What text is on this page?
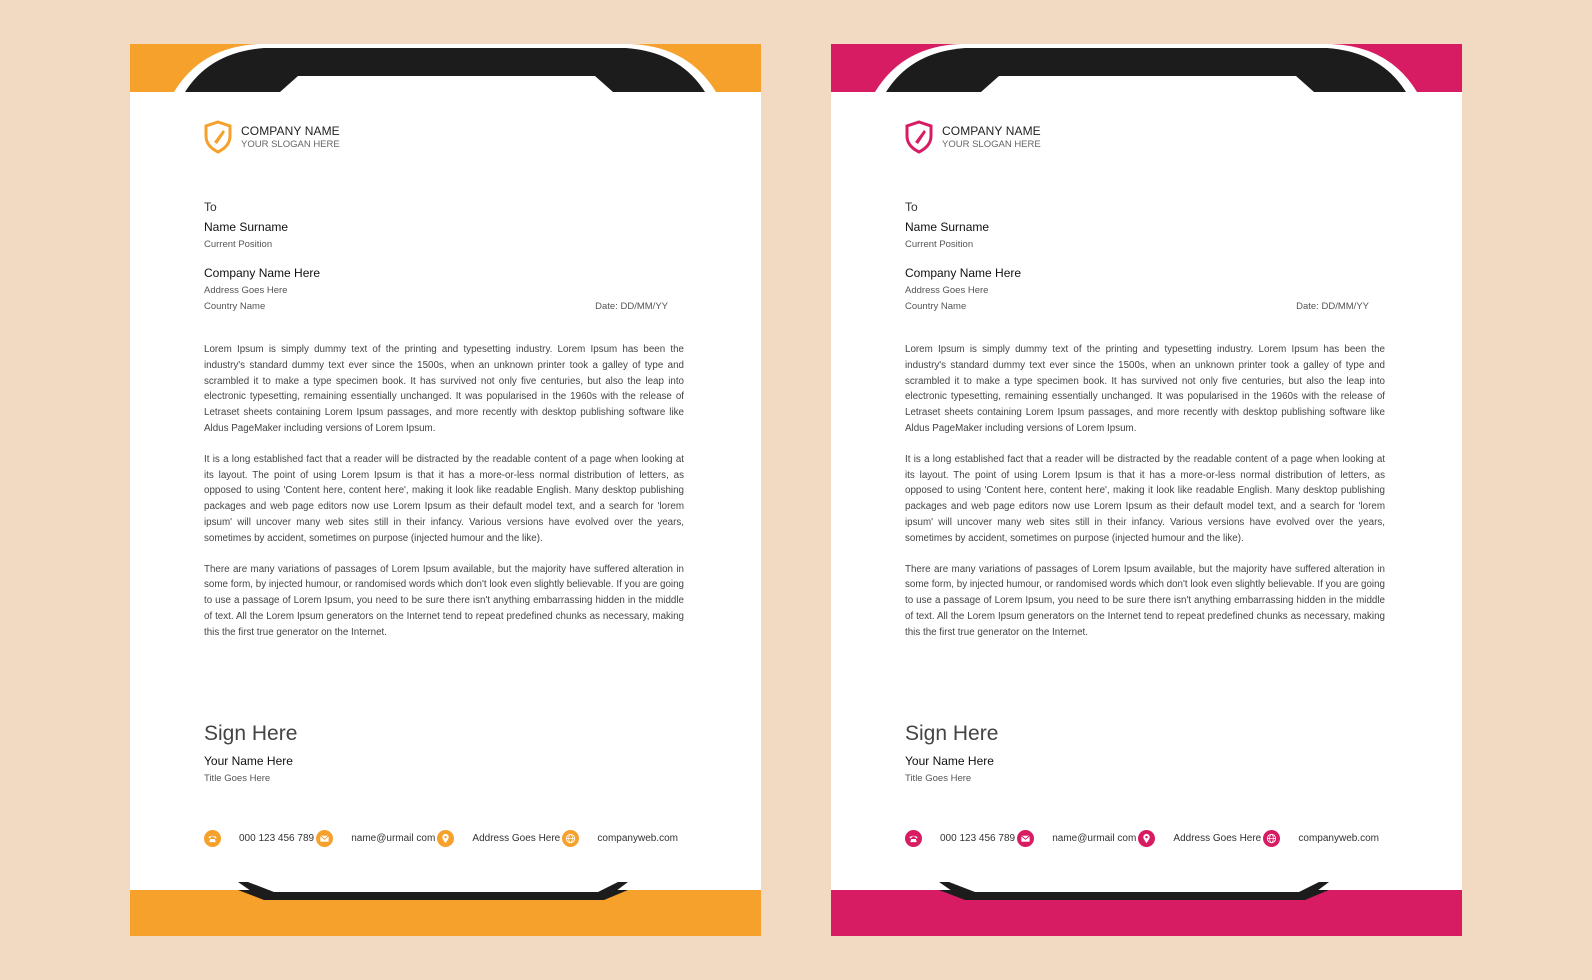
COMPANY NAME
YOUR SLOGAN HERE
To
Name Surname
Current Position
Company Name Here
Address Goes Here
Country Name	Date: DD/MM/YY

Lorem Ipsum is simply dummy text of the printing and typesetting industry. Lorem Ipsum has been the industry's standard dummy text ever since the 1500s, when an unknown printer took a galley of type and scrambled it to make a type specimen book. It has survived not only five centuries, but also the leap into electronic typesetting, remaining essentially unchanged. It was popularised in the 1960s with the release of Letraset sheets containing Lorem Ipsum passages, and more recently with desktop publishing software like Aldus PageMaker including versions of Lorem Ipsum.

It is a long established fact that a reader will be distracted by the readable content of a page when looking at its layout. The point of using Lorem Ipsum is that it has a more-or-less normal distribution of letters, as opposed to using 'Content here, content here', making it look like readable English. Many desktop publishing packages and web page editors now use Lorem Ipsum as their default model text, and a search for 'lorem ipsum' will uncover many web sites still in their infancy. Various versions have evolved over the years, sometimes by accident, sometimes on purpose (injected humour and the like).

There are many variations of passages of Lorem Ipsum available, but the majority have suffered alteration in some form, by injected humour, or randomised words which don't look even slightly believable. If you are going to use a passage of Lorem Ipsum, you need to be sure there isn't anything embarrassing hidden in the middle of text. All the Lorem Ipsum generators on the Internet tend to repeat predefined chunks as necessary, making this the first true generator on the Internet.

Sign Here
Your Name Here
Title Goes Here
000 123 456 789	name@urmail com	Address Goes Here	companyweb.com
COMPANY NAME
YOUR SLOGAN HERE
To
Name Surname
Current Position
Company Name Here
Address Goes Here
Country Name	Date: DD/MM/YY

Lorem Ipsum is simply dummy text of the printing and typesetting industry. Lorem Ipsum has been the industry's standard dummy text ever since the 1500s, when an unknown printer took a galley of type and scrambled it to make a type specimen book. It has survived not only five centuries, but also the leap into electronic typesetting, remaining essentially unchanged. It was popularised in the 1960s with the release of Letraset sheets containing Lorem Ipsum passages, and more recently with desktop publishing software like Aldus PageMaker including versions of Lorem Ipsum.

It is a long established fact that a reader will be distracted by the readable content of a page when looking at its layout. The point of using Lorem Ipsum is that it has a more-or-less normal distribution of letters, as opposed to using 'Content here, content here', making it look like readable English. Many desktop publishing packages and web page editors now use Lorem Ipsum as their default model text, and a search for 'lorem ipsum' will uncover many web sites still in their infancy. Various versions have evolved over the years, sometimes by accident, sometimes on purpose (injected humour and the like).

There are many variations of passages of Lorem Ipsum available, but the majority have suffered alteration in some form, by injected humour, or randomised words which don't look even slightly believable. If you are going to use a passage of Lorem Ipsum, you need to be sure there isn't anything embarrassing hidden in the middle of text. All the Lorem Ipsum generators on the Internet tend to repeat predefined chunks as necessary, making this the first true generator on the Internet.

Sign Here
Your Name Here
Title Goes Here
000 123 456 789	name@urmail com	Address Goes Here	companyweb.com
